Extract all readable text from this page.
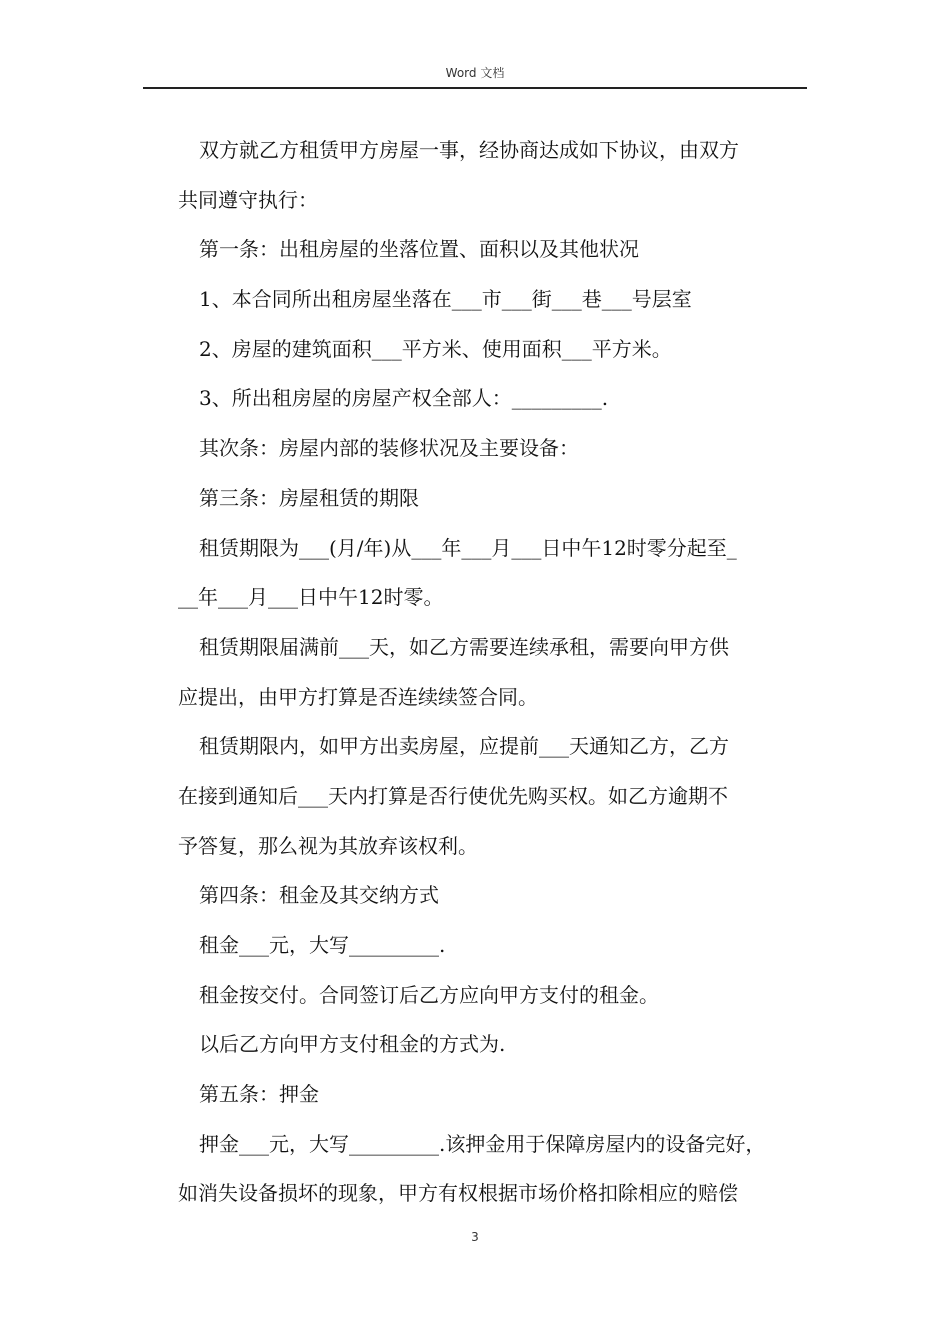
Word 文档
双方就乙方租赁甲方房屋一事，经协商达成如下协议，由双方
共同遵守执行：
第一条：出租房屋的坐落位置、面积以及其他状况
1、本合同所出租房屋坐落在___市___街___巷___号层室
2、房屋的建筑面积___平方米、使用面积___平方米。
3、所出租房屋的房屋产权全部人：_________.
其次条：房屋内部的装修状况及主要设备：
第三条：房屋租赁的期限
租赁期限为___(月/年)从___年___月___日中午12时零分起至_
__年___月___日中午12时零。
租赁期限届满前___天，如乙方需要连续承租，需要向甲方供
应提出，由甲方打算是否连续续签合同。
租赁期限内，如甲方出卖房屋，应提前___天通知乙方，乙方
在接到通知后___天内打算是否行使优先购买权。如乙方逾期不
予答复，那么视为其放弃该权利。
第四条：租金及其交纳方式
租金___元，大写_________.
租金按交付。合同签订后乙方应向甲方支付的租金。
以后乙方向甲方支付租金的方式为.
第五条：押金
押金___元，大写_________.该押金用于保障房屋内的设备完好，
如消失设备损坏的现象，甲方有权根据市场价格扣除相应的赔偿
3
